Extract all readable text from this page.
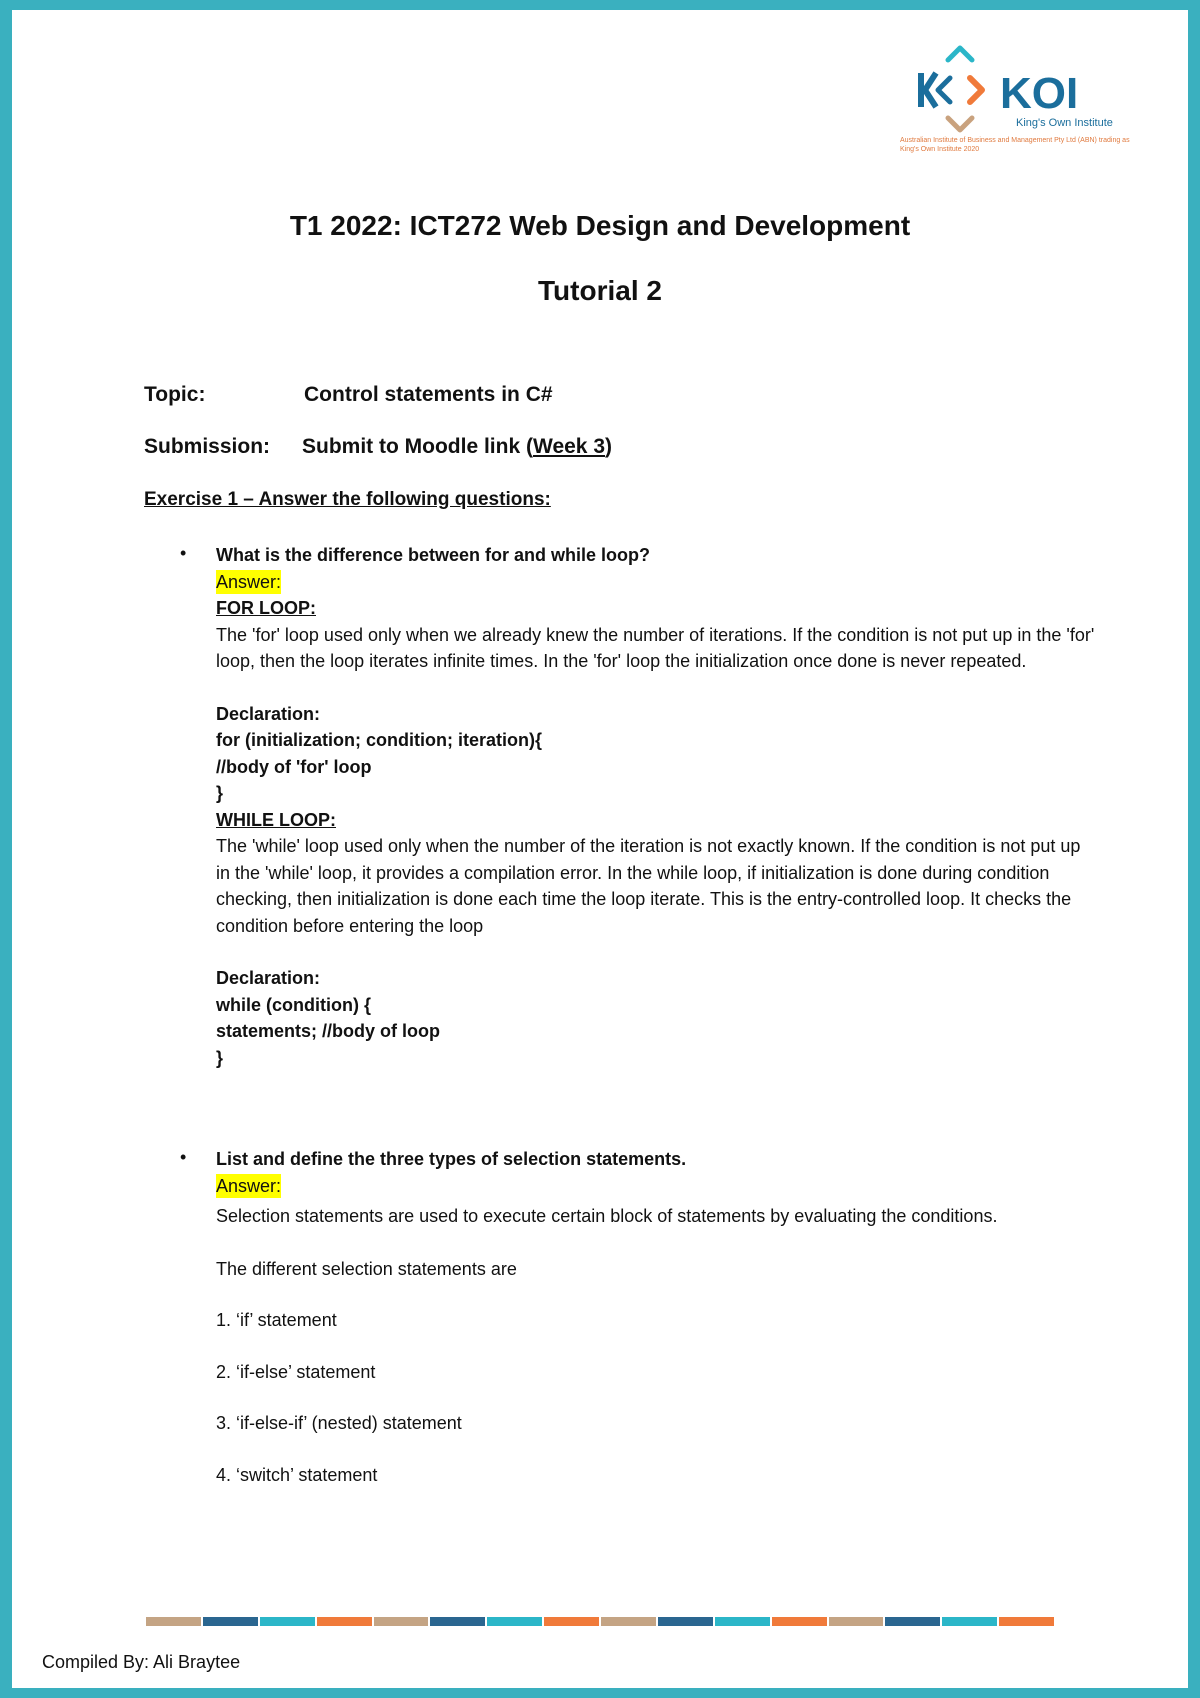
KOI
King's Own Institute
Australian Institute of Business and Management Pty Ltd (ABN) trading as King's Own Institute 2020
T1 2022: ICT272 Web Design and Development
Tutorial 2
Topic:	Control statements in C#
Submission: Submit to Moodle link (Week 3)
Exercise 1 – Answer the following questions:
• What is the difference between for and while loop?

Answer:

FOR LOOP:

The 'for' loop used only when we already knew the number of iterations. If the condition is not put up in the 'for' loop, then the loop iterates infinite times. In the 'for' loop the initialization once done is never repeated.

Declaration:

for (initialization; condition; iteration){

//body of 'for' loop

}

WHILE LOOP:

The 'while' loop used only when the number of the iteration is not exactly known. If the condition is not put up in the 'while' loop, it provides a compilation error. In the while loop, if initialization is done during condition checking, then initialization is done each time the loop iterate. This is the entry-controlled loop. It checks the condition before entering the loop

Declaration:

while (condition) {

statements; //body of loop

}

• List and define the three types of selection statements.

Answer:

Selection statements are used to execute certain block of statements by evaluating the conditions.

The different selection statements are

1. ‘if’ statement

2. ‘if-else’ statement

3. ‘if-else-if’ (nested) statement

4. ‘switch’ statement

Compiled By: Ali Braytee
